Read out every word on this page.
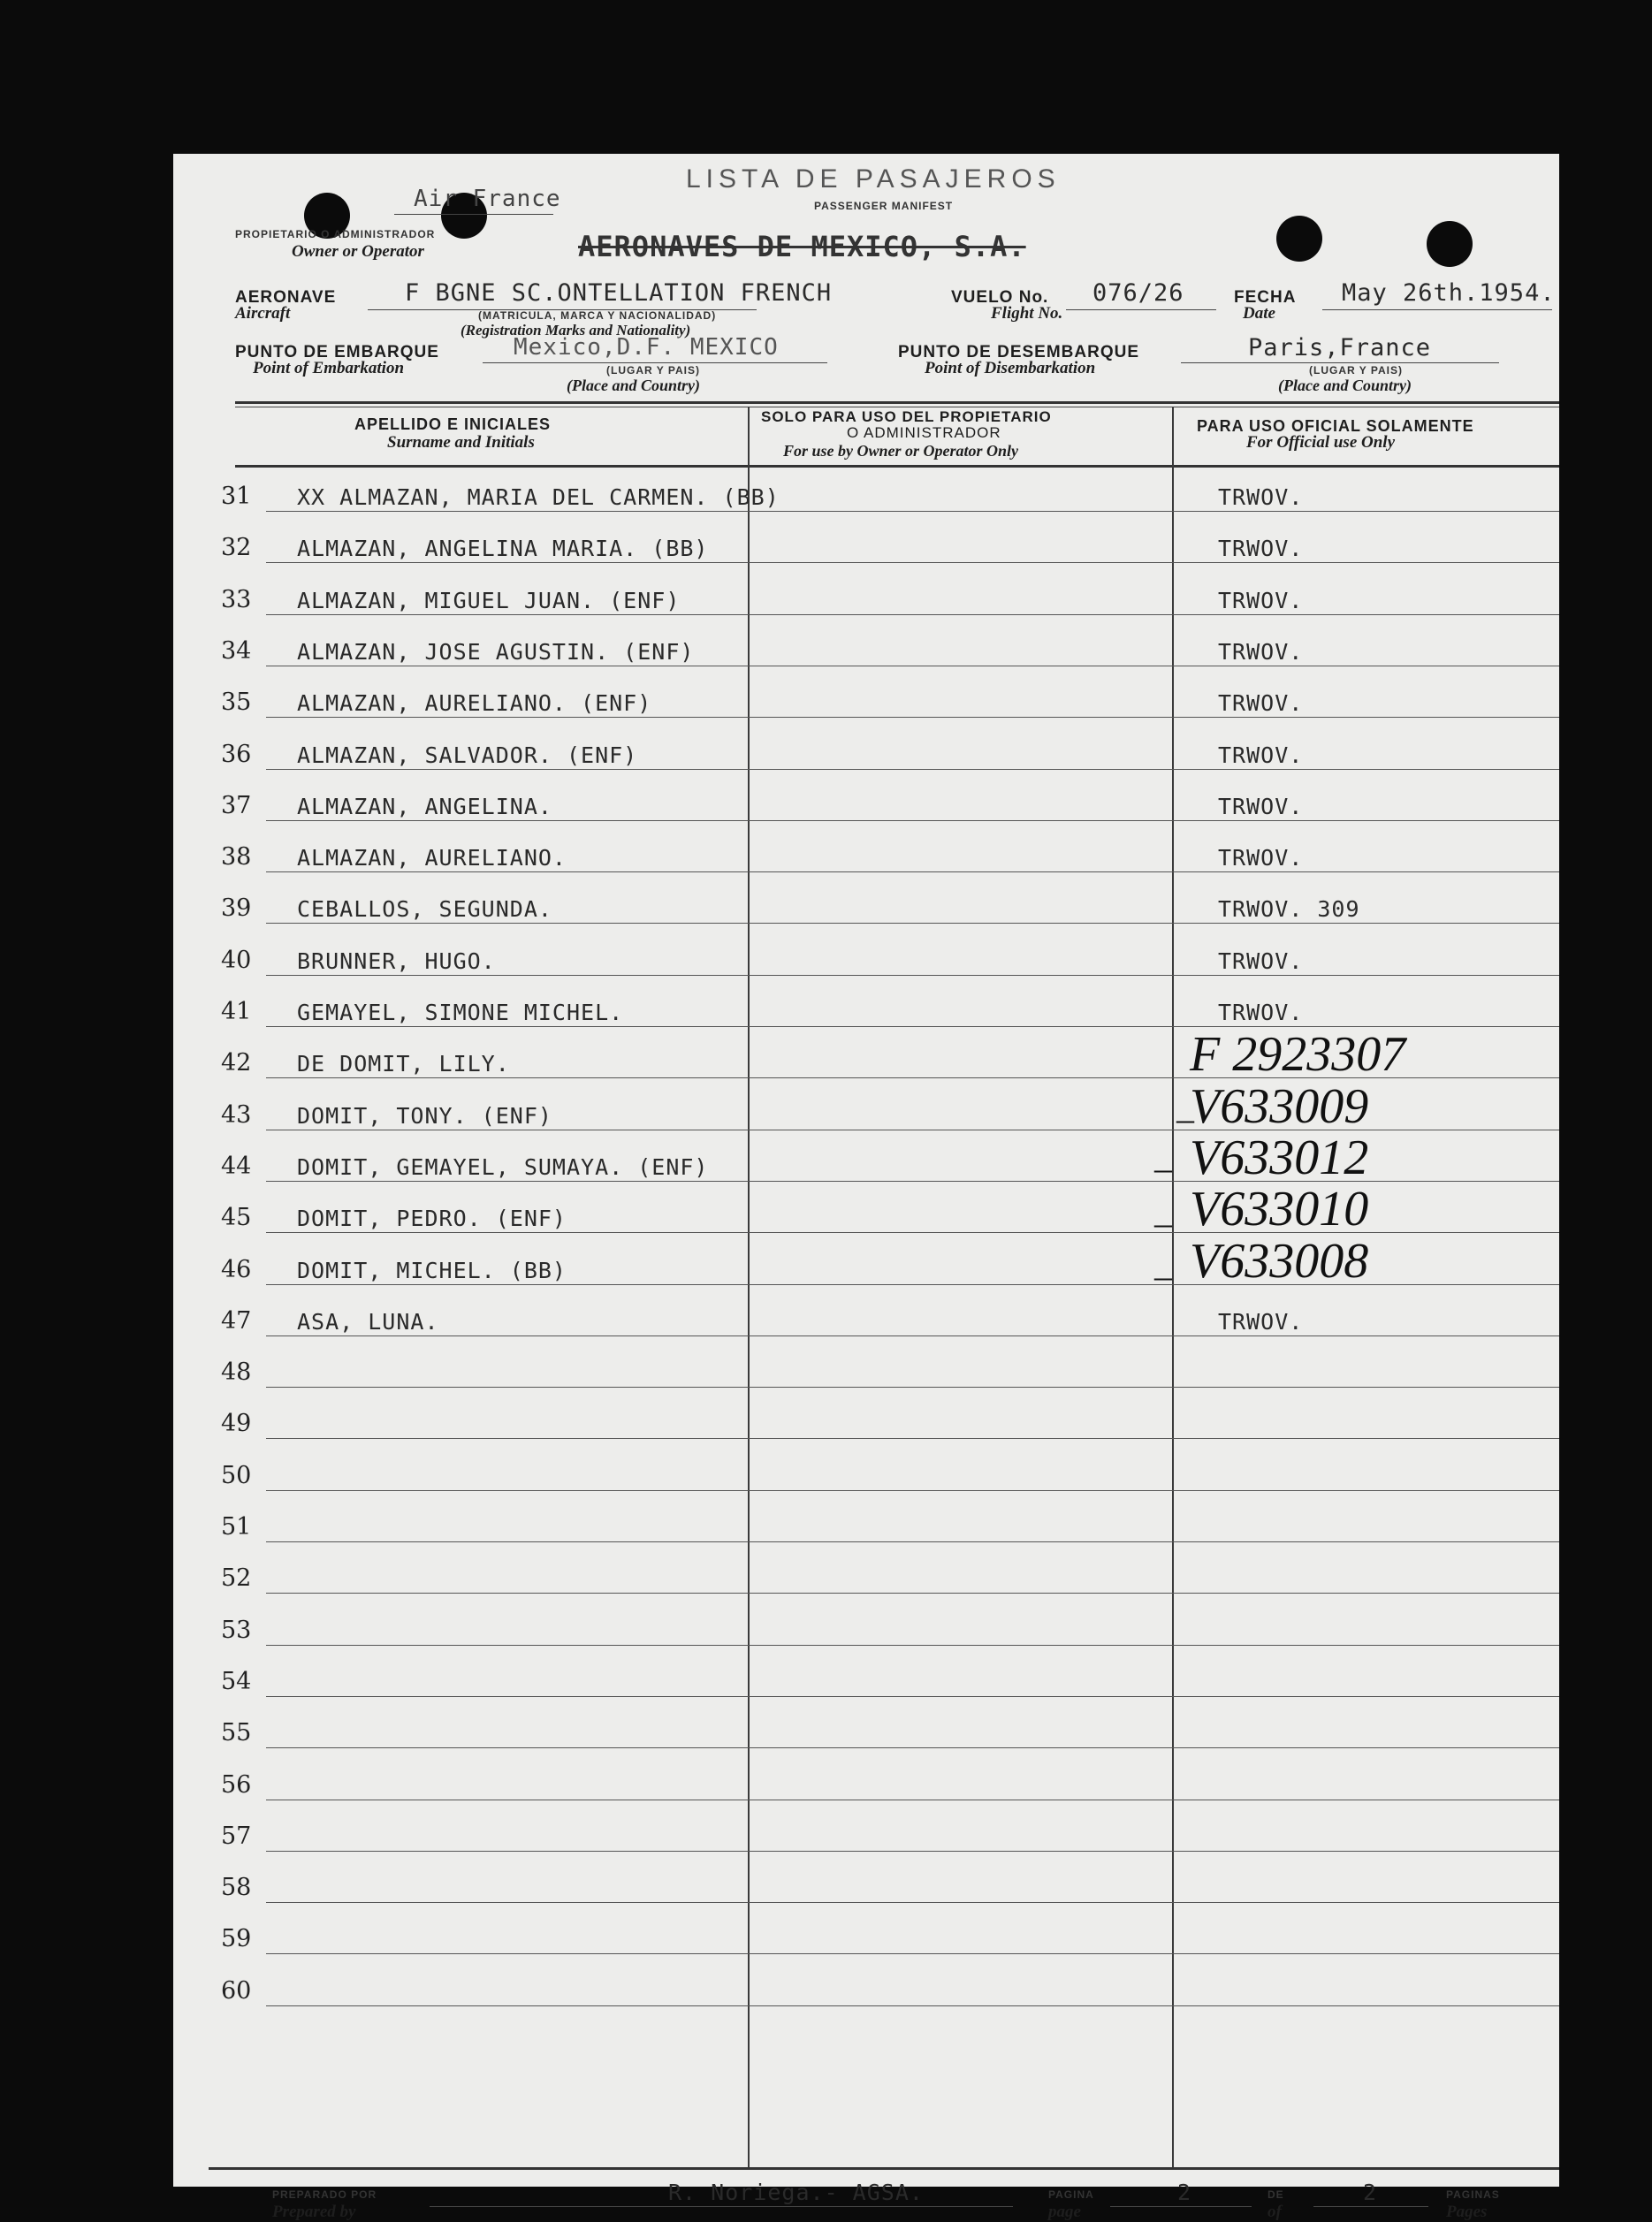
LISTA DE PASAJEROS
PASSENGER MANIFEST
Air France
PROPIETARIO O ADMINISTRADOR
Owner or Operator	AERONAVES DE MEXICO, S.A.
AERONAVE
Aircraft
F BGNE SC.ONTELLATION FRENCH
(MATRICULA, MARCA Y NACIONALIDAD)
(Registration Marks and Nationality)
VUELO No.
Flight No.
076/26	FECHA
Date
May 26th.1954.
PUNTO DE EMBARQUE
Point of Embarkation
Mexico,D.F. MEXICO
(LUGAR Y PAIS)
(Place and Country)
PUNTO DE DESEMBARQUE
Point of Disembarkation
Paris,France
(LUGAR Y PAIS)
(Place and Country)
APELLIDO E INICIALES
Surname and Initials
SOLO PARA USO DEL PROPIETARIO
O ADMINISTRADOR
For use by Owner or Operator Only
PARA USO OFICIAL SOLAMENTE
For Official use Only
31 XX ALMAZAN, MARIA DEL CARMEN. (BB)	TRWOV.
32 ALMAZAN, ANGELINA MARIA. (BB)	TRWOV.
33 ALMAZAN, MIGUEL JUAN. (ENF)	TRWOV.
34 ALMAZAN, JOSE AGUSTIN. (ENF)	TRWOV.
35 ALMAZAN, AURELIANO. (ENF)	TRWOV.
36 ALMAZAN, SALVADOR. (ENF)	TRWOV.
37 ALMAZAN, ANGELINA.	TRWOV.
38 ALMAZAN, AURELIANO.	TRWOV.
39 CEBALLOS, SEGUNDA.	TRWOV. 309
40 BRUNNER, HUGO.	TRWOV.
41 GEMAYEL, SIMONE MICHEL.	TRWOV.
42 DE DOMIT, LILY.	F 2923307
43 DOMIT, TONY. (ENF)	V633009
44 DOMIT, GEMAYEL, SUMAYA. (ENF)	V633012
45 DOMIT, PEDRO. (ENF)	V633010
46 DOMIT, MICHEL. (BB)	V633008
47 ASA, LUNA.	TRWOV.
48
49
50
51
52
53
54
55
56
57
58
59
60
–
–
–
–
PREPARADO POR
Prepared by
R. Noriega.- AGSA.	PAGINA
page
2	DE
of
2	PAGINAS
Pages
